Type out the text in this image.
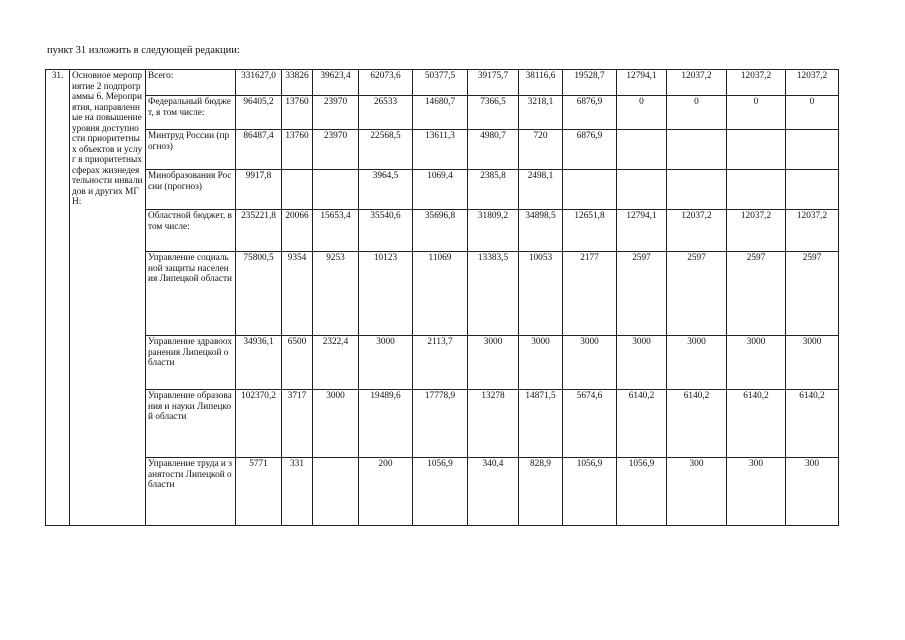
пункт 31 изложить в следующей редакции:
31.	Основное мероприятие 2 подпрограммы 6. Мероприятия, направленные на повышение уровня доступности приоритетных объектов и услуг в приоритетных сферах жизнедеятельности инвалидов и других МГН:	Всего:	331627,0	33826	39623,4	62073,6	50377,5	39175,7	38116,6	19528,7	12794,1	12037,2	12037,2	12037,2
		Федеральный бюджет, в том числе:	96405,2	13760	23970	26533	14680,7	7366,5	3218,1	6876,9	0	0	0	0
		Минтруд России (прогноз)	86487,4	13760	23970	22568,5	13611,3	4980,7	720	6876,9				
		Минобразования России (прогноз)	9917,8			3964,5	1069,4	2385,8	2498,1					
		Областной бюджет, в том числе:	235221,8	20066	15653,4	35540,6	35696,8	31809,2	34898,5	12651,8	12794,1	12037,2	12037,2	12037,2
		Управление социальной защиты населения Липецкой области	75800,5	9354	9253	10123	11069	13383,5	10053	2177	2597	2597	2597	2597
		Управление здравоохранения Липецкой области	34936,1	6500	2322,4	3000	2113,7	3000	3000	3000	3000	3000	3000	3000
		Управление образования и науки Липецкой области	102370,2	3717	3000	19489,6	17778,9	13278	14871,5	5674,6	6140,2	6140,2	6140,2	6140,2
		Управление труда и занятости Липецкой области	5771	331		200	1056,9	340,4	828,9	1056,9	1056,9	300	300	300
